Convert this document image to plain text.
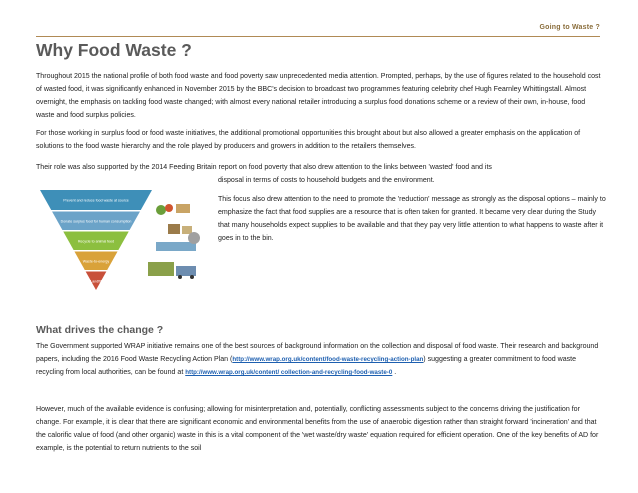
Going to Waste ?
Why Food Waste ?

Throughout 2015 the national profile of both food waste and food poverty saw unprecedented media attention. Prompted, perhaps, by the use of figures related to the household cost of wasted food, it was significantly enhanced in November 2015 by the BBC's decision to broadcast two programmes featuring celebrity chef Hugh Fearnley Whittingstall. Almost overnight, the emphasis on tackling food waste changed; with almost every national retailer introducing a surplus food donations scheme or a review of their own, in-house, food waste and food surplus policies.

For those working in surplus food or food waste initiatives, the additional promotional opportunities this brought about but also allowed a greater emphasis on the application of solutions to the food waste hierarchy and the role played by producers and growers in addition to the retailers themselves.

Their role was also supported by the 2014 Feeding Britain report on food poverty that also drew attention to the links between 'wasted' food and its

disposal in terms of costs to household budgets and the environment.

This focus also drew attention to the need to promote the 'reduction' message as strongly as the disposal options – mainly to emphasize the fact that food supplies are a resource that is often taken for granted. It became very clear during the Study that many households expect supplies to be available and that they pay very little attention to what happens to waste after it goes in to the bin.

Prevent and reduce food waste at source
Donate surplus food for human consumption
Recycle to animal feed
Waste-to-energy
Landfill
What drives the change ?

The Government supported WRAP initiative remains one of the best sources of background information on the collection and disposal of food waste. Their research and background papers, including the 2016 Food Waste Recycling Action Plan (http://www.wrap.org.uk/content/food-waste-recycling-action-plan) suggesting a greater commitment to food waste recycling from local authorities, can be found at http://www.wrap.org.uk/content/ collection-and-recycling-food-waste-0 .

However, much of the available evidence is confusing; allowing for misinterpretation and, potentially, conflicting assessments subject to the concerns driving the justification for change. For example, it is clear that there are significant economic and environmental benefits from the use of anaerobic digestion rather than straight forward 'incineration' and that the calorific value of food (and other organic) waste in this is a vital component of the 'wet waste/dry waste' equation required for efficient operation. One of the key benefits of AD for example, is the potential to return nutrients to the soil
